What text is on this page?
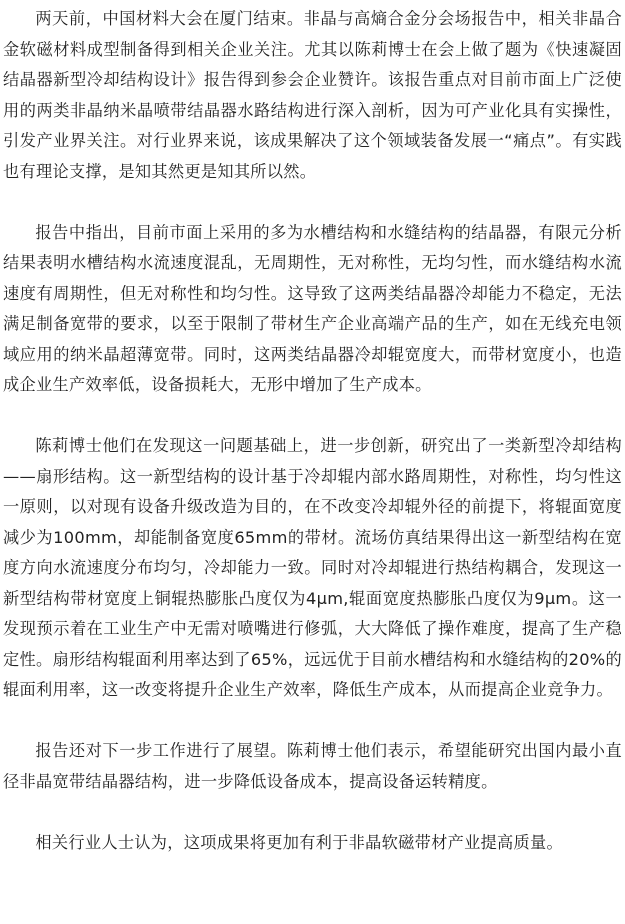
两天前，中国材料大会在厦门结束。非晶与高熵合金分会场报告中，相关非晶合金软磁材料成型制备得到相关企业关注。尤其以陈莉博士在会上做了题为《快速凝固结晶器新型冷却结构设计》报告得到参会企业赞许。该报告重点对目前市面上广泛使用的两类非晶纳米晶喷带结晶器水路结构进行深入剖析，因为可产业化具有实操性，引发产业界关注。对行业界来说，该成果解决了这个领域装备发展一“痛点”。有实践也有理论支撑，是知其然更是知其所以然。

报告中指出，目前市面上采用的多为水槽结构和水缝结构的结晶器，有限元分析结果表明水槽结构水流速度混乱，无周期性，无对称性，无均匀性，而水缝结构水流速度有周期性，但无对称性和均匀性。这导致了这两类结晶器冷却能力不稳定，无法满足制备宽带的要求，以至于限制了带材生产企业高端产品的生产，如在无线充电领域应用的纳米晶超薄宽带。同时，这两类结晶器冷却辊宽度大，而带材宽度小，也造成企业生产效率低，设备损耗大，无形中增加了生产成本。

陈莉博士他们在发现这一问题基础上，进一步创新，研究出了一类新型冷却结构——扇形结构。这一新型结构的设计基于冷却辊内部水路周期性，对称性，均匀性这一原则，以对现有设备升级改造为目的，在不改变冷却辊外径的前提下，将辊面宽度减少为100mm，却能制备宽度65mm的带材。流场仿真结果得出这一新型结构在宽度方向水流速度分布均匀，冷却能力一致。同时对冷却辊进行热结构耦合，发现这一新型结构带材宽度上铜辊热膨胀凸度仅为4μm,辊面宽度热膨胀凸度仅为9μm。这一发现预示着在工业生产中无需对喷嘴进行修弧，大大降低了操作难度，提高了生产稳定性。扇形结构辊面利用率达到了65%，远远优于目前水槽结构和水缝结构的20%的辊面利用率，这一改变将提升企业生产效率，降低生产成本，从而提高企业竞争力。

报告还对下一步工作进行了展望。陈莉博士他们表示，希望能研究出国内最小直径非晶宽带结晶器结构，进一步降低设备成本，提高设备运转精度。

相关行业人士认为，这项成果将更加有利于非晶软磁带材产业提高质量。
